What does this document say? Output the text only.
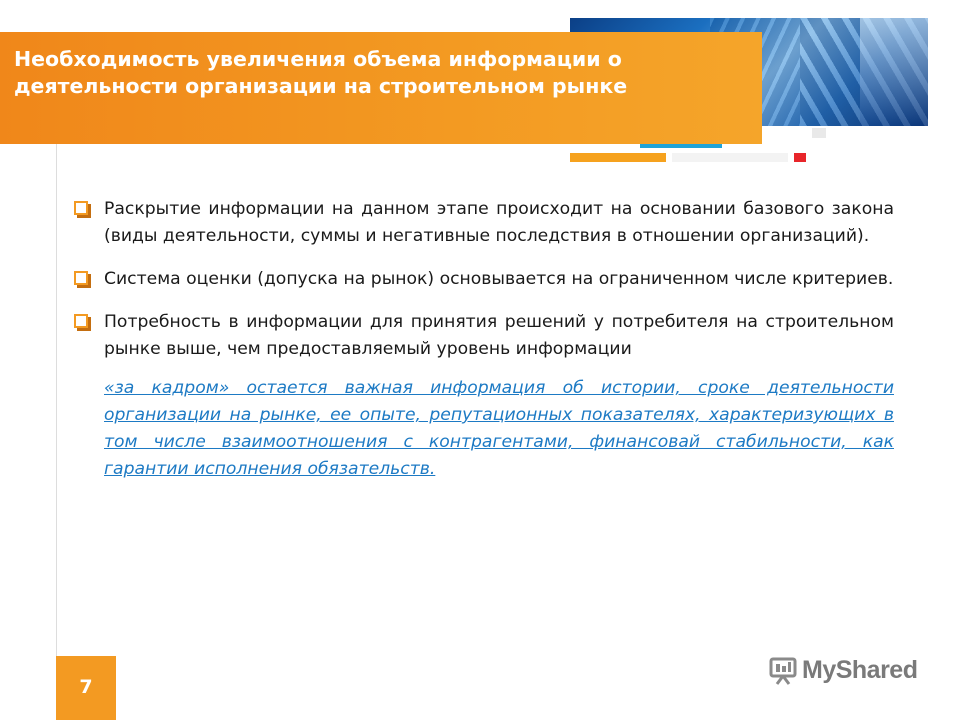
Необходимость увеличения объема информации о деятельности организации на строительном рынке
Раскрытие информации на данном этапе происходит на основании базового закона (виды деятельности, суммы и негативные последствия в отношении организаций).
Система оценки (допуска на рынок) основывается на ограниченном числе критериев.
Потребность в информации для принятия решений у потребителя на строительном рынке выше, чем предоставляемый уровень информации
«за кадром» остается важная информация об истории, сроке деятельности организации на рынке, ее опыте, репутационных показателях, характеризующих в том числе взаимоотношения с контрагентами, финансовай стабильности, как гарантии исполнения обязательств.
7
MyShared
